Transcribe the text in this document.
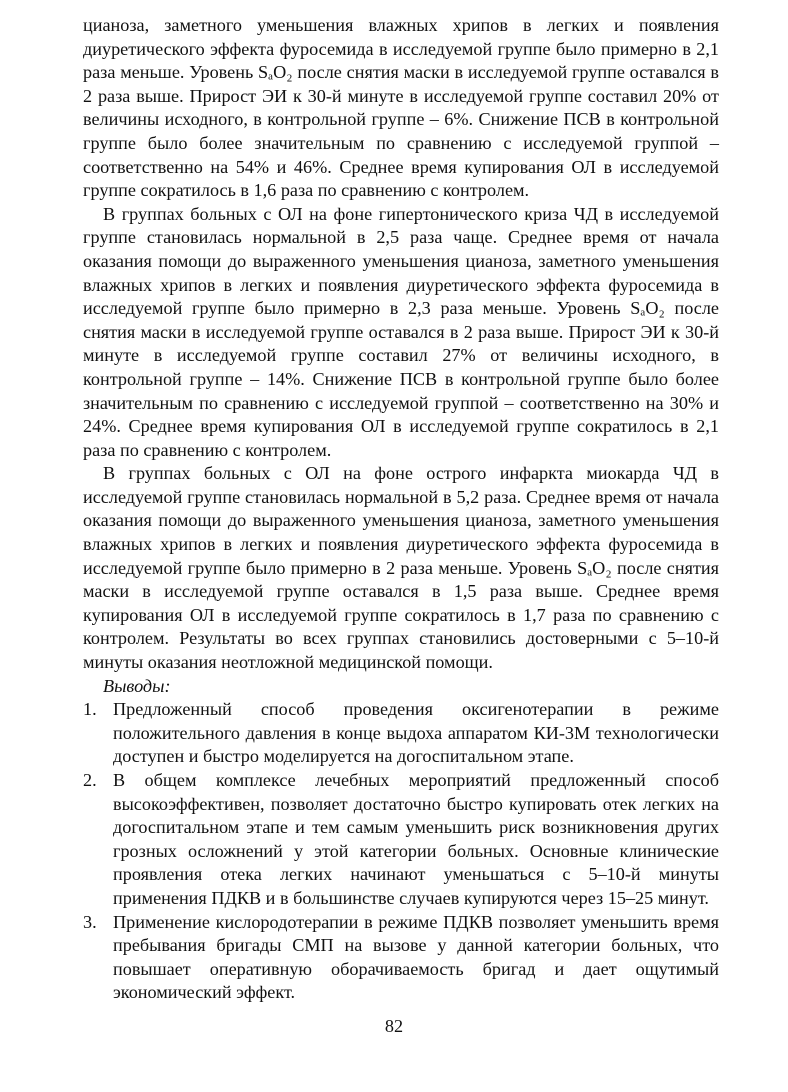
цианоза, заметного уменьшения влажных хрипов в легких и появления диуретического эффекта фуросемида в исследуемой группе было примерно в 2,1 раза меньше. Уровень SₐO₂ после снятия маски в исследуемой группе оставался в 2 раза выше. Прирост ЭИ к 30-й минуте в исследуемой группе составил 20% от величины исходного, в контрольной группе – 6%. Снижение ПСВ в контрольной группе было более значительным по сравнению с исследуемой группой – соответственно на 54% и 46%. Среднее время купирования ОЛ в исследуемой группе сократилось в 1,6 раза по сравнению с контролем.

В группах больных с ОЛ на фоне гипертонического криза ЧД в исследуемой группе становилась нормальной в 2,5 раза чаще. Среднее время от начала оказания помощи до выраженного уменьшения цианоза, заметного уменьшения влажных хрипов в легких и появления диуретического эффекта фуросемида в исследуемой группе было примерно в 2,3 раза меньше. Уровень SₐO₂ после снятия маски в исследуемой группе оставался в 2 раза выше. Прирост ЭИ к 30-й минуте в исследуемой группе составил 27% от величины исходного, в контрольной группе – 14%. Снижение ПСВ в контрольной группе было более значительным по сравнению с исследуемой группой – соответственно на 30% и 24%. Среднее время купирования ОЛ в исследуемой группе сократилось в 2,1 раза по сравнению с контролем.

В группах больных с ОЛ на фоне острого инфаркта миокарда ЧД в исследуемой группе становилась нормальной в 5,2 раза. Среднее время от начала оказания помощи до выраженного уменьшения цианоза, заметного уменьшения влажных хрипов в легких и появления диуретического эффекта фуросемида в исследуемой группе было примерно в 2 раза меньше. Уровень SₐO₂ после снятия маски в исследуемой группе оставался в 1,5 раза выше. Среднее время купирования ОЛ в исследуемой группе сократилось в 1,7 раза по сравнению с контролем. Результаты во всех группах становились достоверными с 5–10-й минуты оказания неотложной медицинской помощи.

Выводы:

1. Предложенный способ проведения оксигенотерапии в режиме положительного давления в конце выдоха аппаратом КИ-3М технологически доступен и быстро моделируется на догоспитальном этапе.
2. В общем комплексе лечебных мероприятий предложенный способ высокоэффективен, позволяет достаточно быстро купировать отек легких на догоспитальном этапе и тем самым уменьшить риск возникновения других грозных осложнений у этой категории больных. Основные клинические проявления отека легких начинают уменьшаться с 5–10-й минуты применения ПДКВ и в большинстве случаев купируются через 15–25 минут.
3. Применение кислородотерапии в режиме ПДКВ позволяет уменьшить время пребывания бригады СМП на вызове у данной категории больных, что повышает оперативную оборачиваемость бригад и дает ощутимый экономический эффект.
82
